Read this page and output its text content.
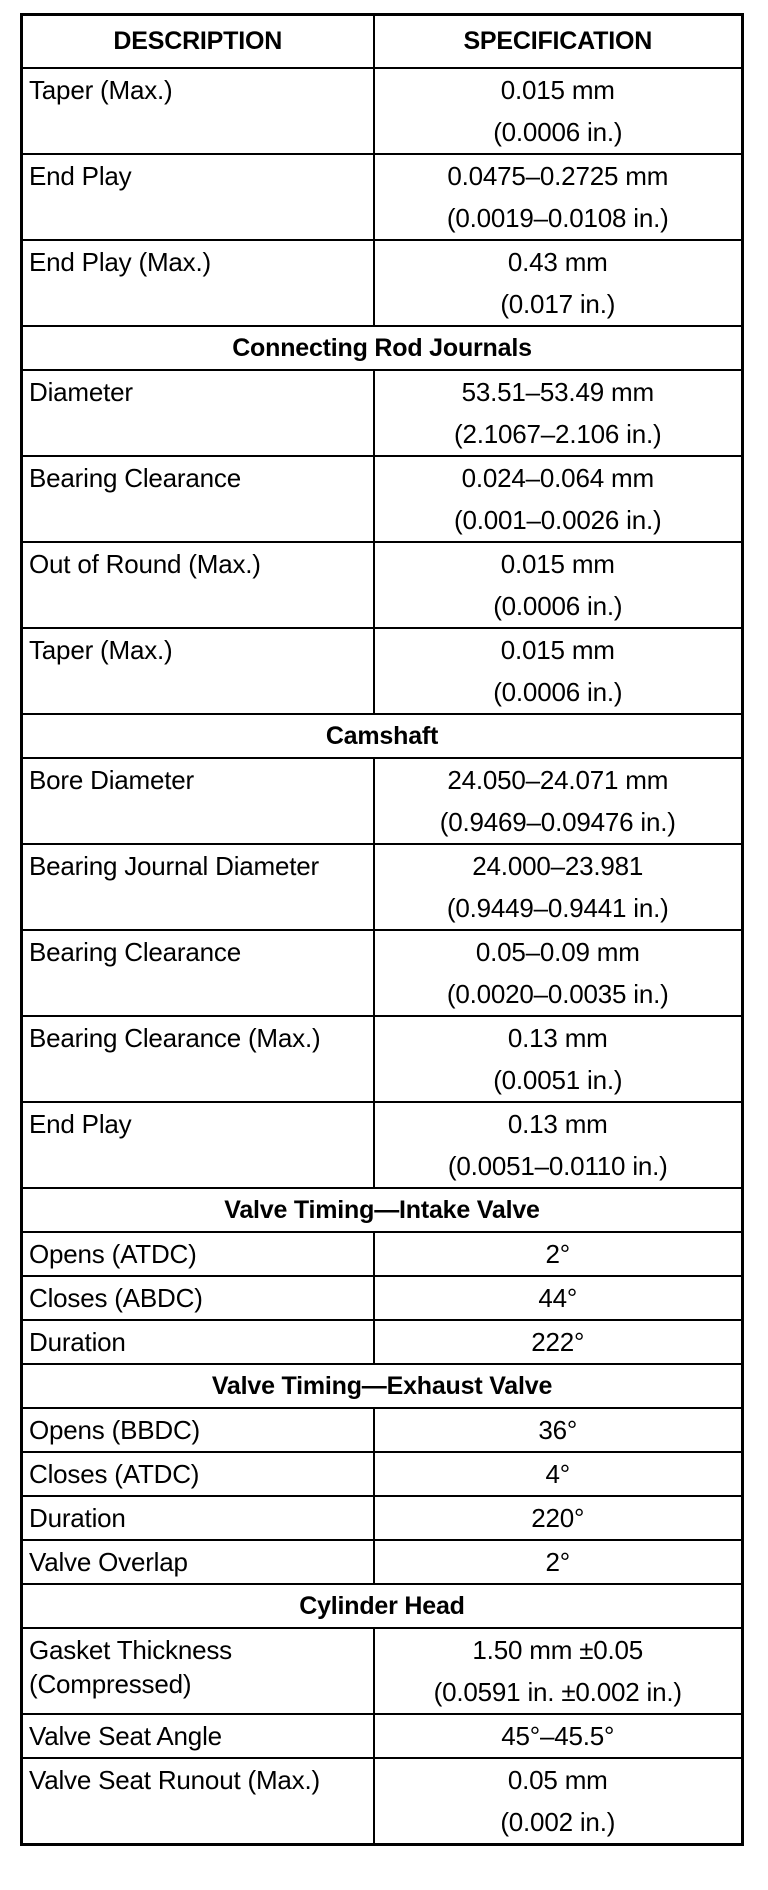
DESCRIPTION	SPECIFICATION

Taper (Max.)	0.015 mm
(0.0006 in.)

End Play	0.0475–0.2725 mm
(0.0019–0.0108 in.)

End Play (Max.)	0.43 mm
(0.017 in.)

Connecting Rod Journals	

Diameter	53.51–53.49 mm
(2.1067–2.106 in.)

Bearing Clearance	0.024–0.064 mm
(0.001–0.0026 in.)

Out of Round (Max.)	0.015 mm
(0.0006 in.)

Taper (Max.)	0.015 mm
(0.0006 in.)

Camshaft	

Bore Diameter	24.050–24.071 mm
(0.9469–0.09476 in.)

Bearing Journal Diameter	24.000–23.981
(0.9449–0.9441 in.)

Bearing Clearance	0.05–0.09 mm
(0.0020–0.0035 in.)

Bearing Clearance (Max.)	0.13 mm
(0.0051 in.)

End Play	0.13 mm
(0.0051–0.0110 in.)

Valve Timing—Intake Valve	

Opens (ATDC)	2°

Closes (ABDC)	44°

Duration	222°

Valve Timing—Exhaust Valve	

Opens (BBDC)	36°

Closes (ATDC)	4°

Duration	220°

Valve Overlap	2°

Cylinder Head	

Gasket Thickness (Compressed)	1.50 mm ±0.05
(0.0591 in. ±0.002 in.)

Valve Seat Angle	45°–45.5°

Valve Seat Runout (Max.)	0.05 mm
(0.002 in.)
